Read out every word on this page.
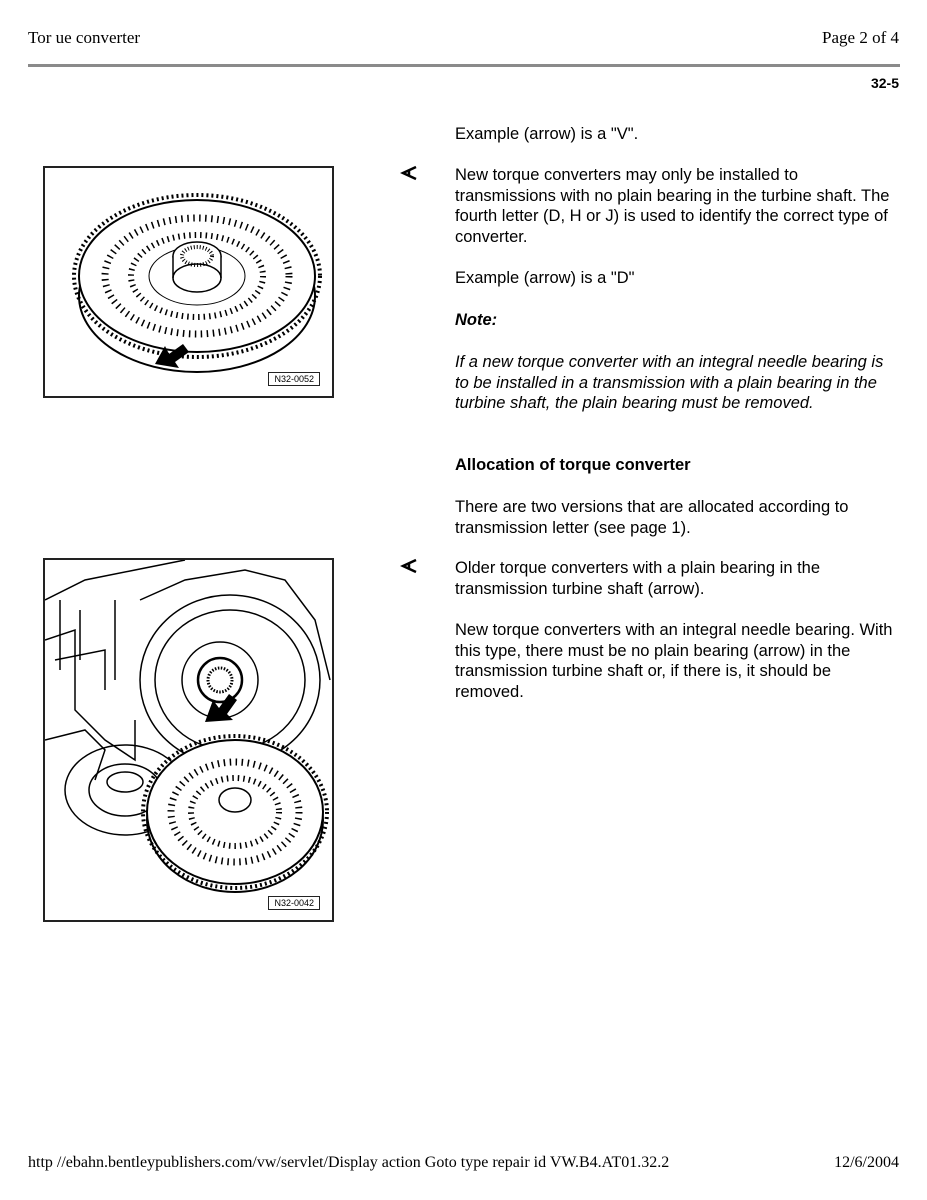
Tor ue converter	Page 2 of 4
32-5

Example (arrow) is a "V".

New torque converters may only be installed to transmissions with no plain bearing in the turbine shaft. The fourth letter (D, H or J) is used to identify the correct type of converter.

Example (arrow) is a "D"

Note:

If a new torque converter with an integral needle bearing is to be installed in a transmission with a plain bearing in the turbine shaft, the plain bearing must be removed.

Allocation of torque converter

There are two versions that are allocated according to transmission letter (see page 1).

Older torque converters with a plain bearing in the transmission turbine shaft (arrow).

New torque converters with an integral needle bearing. With this type, there must be no plain bearing (arrow) in the transmission turbine shaft or, if there is, it should be removed.

N32-0052
N32-0042
http //ebahn.bentleypublishers.com/vw/servlet/Display action Goto type repair id VW.B4.AT01.32.2	12/6/2004
